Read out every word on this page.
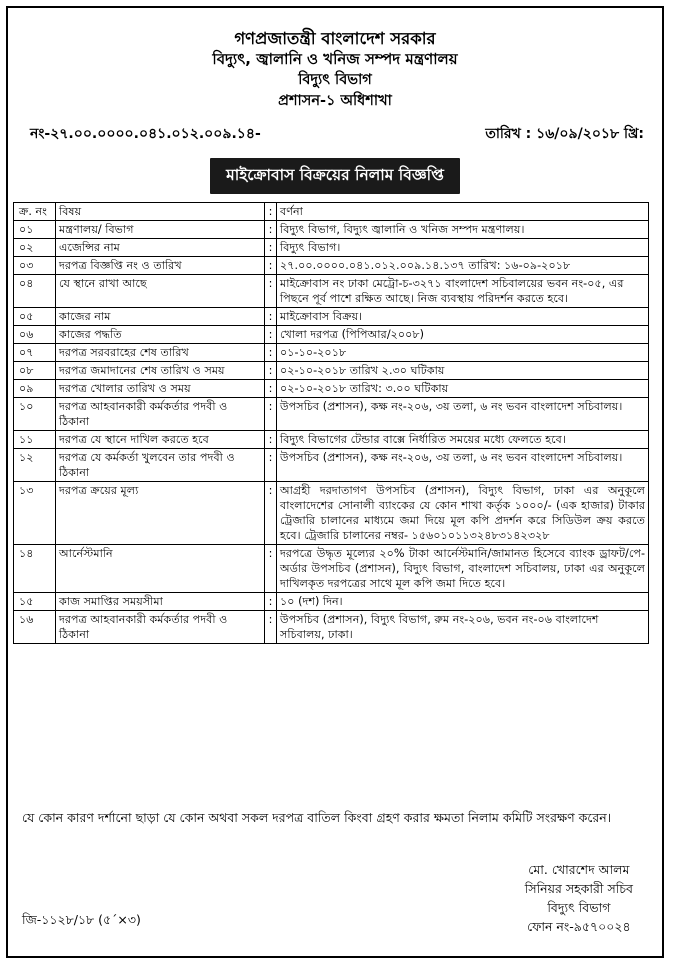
গণপ্রজাতন্ত্রী বাংলাদেশ সরকার
বিদ্যুৎ, জ্বালানি ও খনিজ সম্পদ মন্ত্রণালয়
বিদ্যুৎ বিভাগ
প্রশাসন-১ অধিশাখা
নং-২৭.০০.০০০০.০৪১.০১২.০০৯.১৪-	তারিখ : ১৬/০৯/২০১৮ খ্রি:
মাইক্রোবাস বিক্রয়ের নিলাম বিজ্ঞপ্তি
ক্র. নং	বিষয়	:	বর্ণনা
০১	মন্ত্রণালয়/ বিভাগ	:	বিদ্যুৎ বিভাগ, বিদ্যুৎ জ্বালানি ও খনিজ সম্পদ মন্ত্রণালয়।
০২	এজেন্সির নাম	:	বিদ্যুৎ বিভাগ।
০৩	দরপত্র বিজ্ঞপ্তি নং ও তারিখ	:	২৭.০০.০০০০.০৪১.০১২.০০৯.১৪.১৩৭ তারিখ: ১৬-০৯-২০১৮
০৪	যে স্থানে রাখা আছে	:	মাইক্রোবাস নং ঢাকা মেট্রো-চ-৩২৭১ বাংলাদেশ সচিবালয়ের ভবন নং-০৫, এর পিছনে পূর্ব পাশে রক্ষিত আছে। নিজ ব্যবস্থায় পরিদর্শন করতে হবে।
০৫	কাজের নাম	:	মাইক্রোবাস বিক্রয়।
০৬	কাজের পদ্ধতি	:	খোলা দরপত্র (পিপিআর/২০০৮)
০৭	দরপত্র সরবরাহের শেষ তারিখ	:	০১-১০-২০১৮
০৮	দরপত্র জমাদানের শেষ তারিখ ও সময়	:	০২-১০-২০১৮ তারিখ ২.৩০ ঘটিকায়
০৯	দরপত্র খোলার তারিখ ও সময়	:	০২-১০-২০১৮ তারিখ: ৩.০০ ঘটিকায়
১০	দরপত্র আহবানকারী কর্মকর্তার পদবী ও ঠিকানা	:	উপসচিব (প্রশাসন), কক্ষ নং-২০৬, ৩য় তলা, ৬ নং ভবন বাংলাদেশ সচিবালয়।
১১	দরপত্র যে স্থানে দাখিল করতে হবে	:	বিদ্যুৎ বিভাগের টেন্ডার বাক্সে নির্ধারিত সময়ের মধ্যে ফেলতে হবে।
১২	দরপত্র যে কর্মকর্তা খুলবেন তার পদবী ও ঠিকানা	:	উপসচিব (প্রশাসন), কক্ষ নং-২০৬, ৩য় তলা, ৬ নং ভবন বাংলাদেশ সচিবালয়।
১৩	দরপত্র ক্রয়ের মূল্য	:	আগ্রহী দরদাতাগণ উপসচিব (প্রশাসন), বিদ্যুৎ বিভাগ, ঢাকা এর অনুকূলে বাংলাদেশের সোনালী ব্যাংকের যে কোন শাখা কর্তৃক ১০০০/- (এক হাজার) টাকার ট্রেজারি চালানের মাধ্যমে জমা দিয়ে মূল কপি প্রদর্শন করে সিডিউল ক্রয় করতে হবে। ট্রেজারি চালানের নম্বর- ১৫৬০১০১১৩২৪৮৩১৪২৩২৮
১৪	আর্নেস্টমানি	:	দরপত্রে উদ্ধৃত মূল্যের ২০% টাকা আর্নেস্টমানি/জামানত হিসেবে ব্যাংক ড্রাফট/পে-অর্ডার উপসচিব (প্রশাসন), বিদ্যুৎ বিভাগ, বাংলাদেশ সচিবালয়, ঢাকা এর অনুকূলে দাখিলকৃত দরপত্রের সাথে মূল কপি জমা দিতে হবে।
১৫	কাজ সমাপ্তির সময়সীমা	:	১০ (দশ) দিন।
১৬	দরপত্র আহবানকারী কর্মকর্তার পদবী ও ঠিকানা	:	উপসচিব (প্রশাসন), বিদ্যুৎ বিভাগ, রুম নং-২০৬, ভবন নং-০৬ বাংলাদেশ সচিবালয়, ঢাকা।
যে কোন কারণ দর্শানো ছাড়া যে কোন অথবা সকল দরপত্র বাতিল কিংবা গ্রহণ করার ক্ষমতা নিলাম কমিটি সংরক্ষণ করেন।
মো. খোরশেদ আলম
সিনিয়র সহকারী সচিব
বিদ্যুৎ বিভাগ
ফোন নং-৯৫৭০০২৪
জি-১১২৮/১৮ (৫´×৩)
